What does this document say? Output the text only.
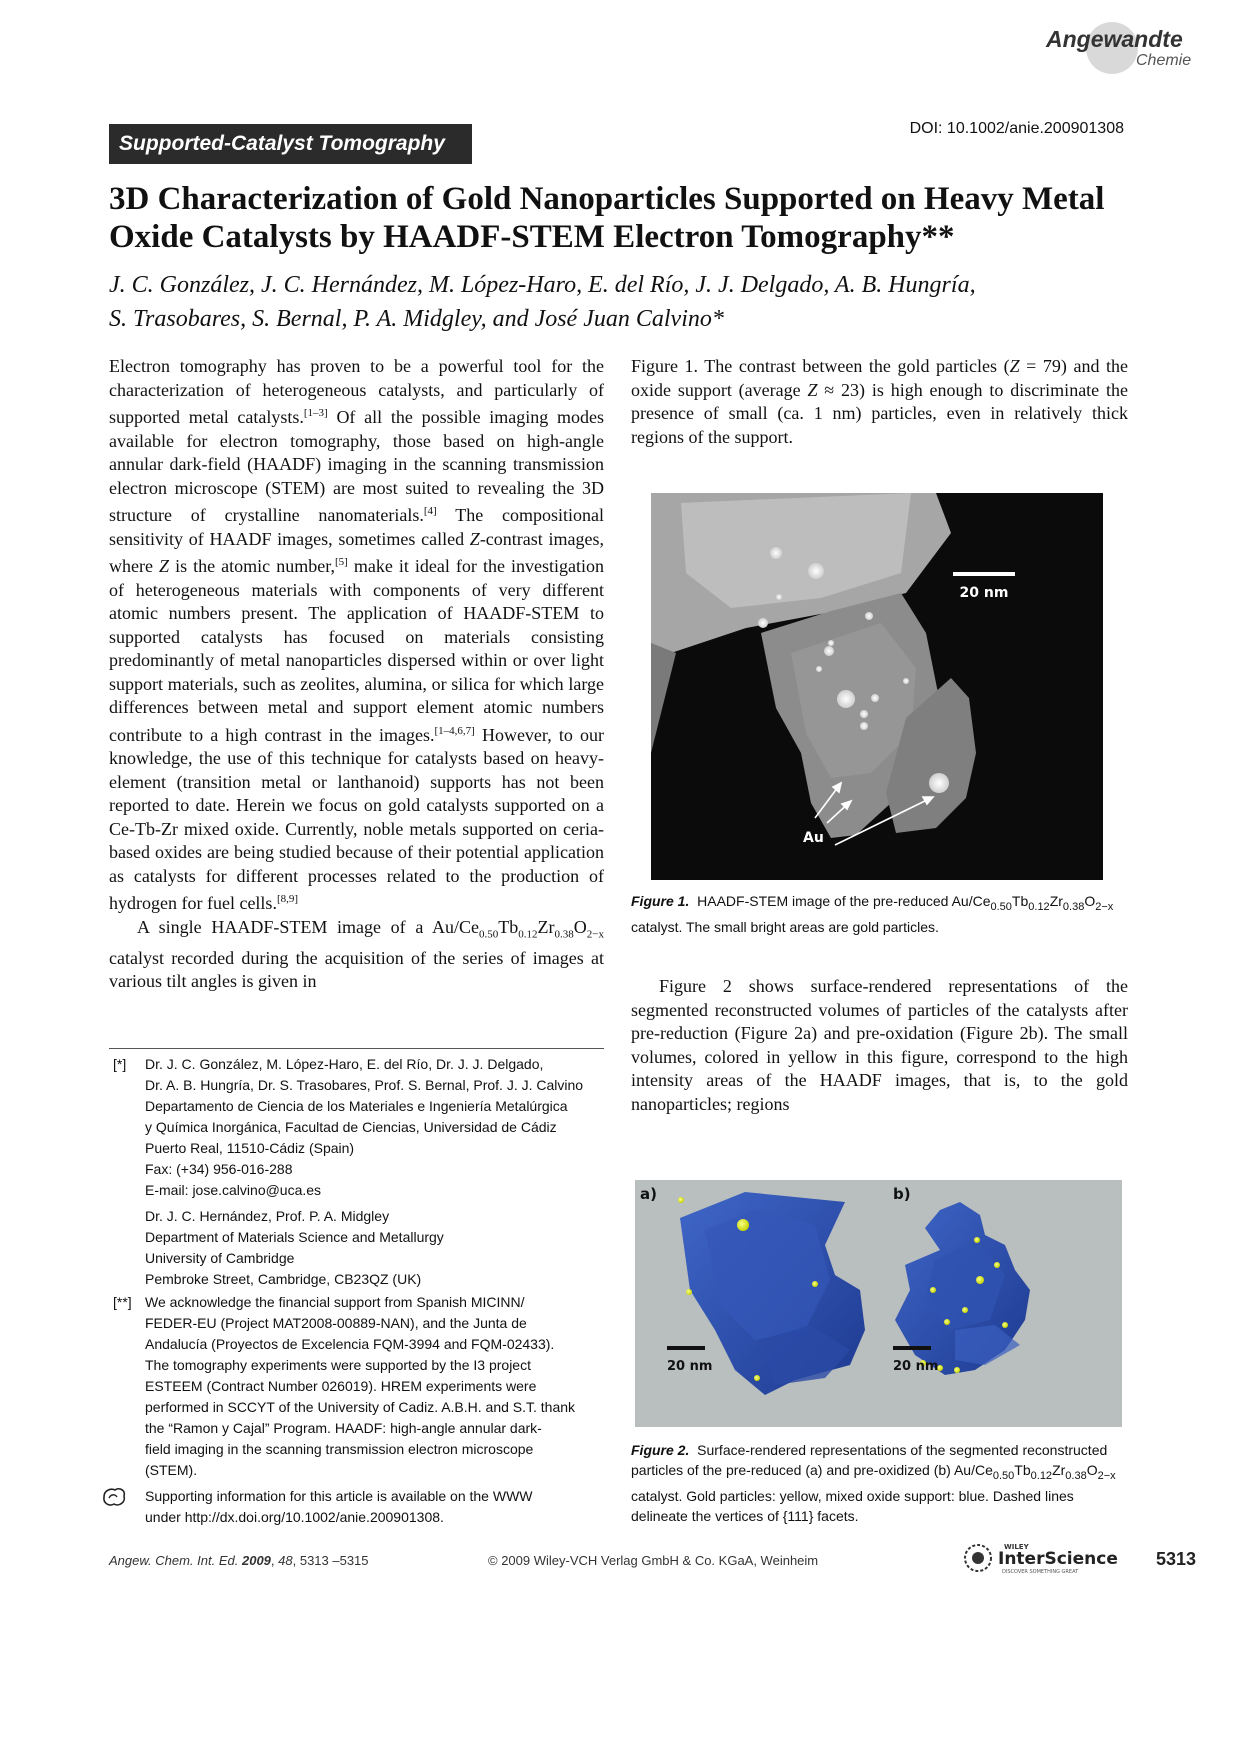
Angewandte
Chemie
Supported-Catalyst Tomography
DOI: 10.1002/anie.200901308
3D Characterization of Gold Nanoparticles Supported on Heavy Metal Oxide Catalysts by HAADF-STEM Electron Tomography**
J. C. González, J. C. Hernández, M. López-Haro, E. del Río, J. J. Delgado, A. B. Hungría,
S. Trasobares, S. Bernal, P. A. Midgley, and José Juan Calvino*

Electron tomography has proven to be a powerful tool for the characterization of heterogeneous catalysts, and particularly of supported metal catalysts.[1–3] Of all the possible imaging modes available for electron tomography, those based on high-angle annular dark-field (HAADF) imaging in the scanning transmission electron microscope (STEM) are most suited to revealing the 3D structure of crystalline nanomaterials.[4] The compositional sensitivity of HAADF images, sometimes called Z-contrast images, where Z is the atomic number,[5] make it ideal for the investigation of heterogeneous materials with components of very different atomic numbers present. The application of HAADF-STEM to supported catalysts has focused on materials consisting predominantly of metal nanoparticles dispersed within or over light support materials, such as zeolites, alumina, or silica for which large differences between metal and support element atomic numbers contribute to a high contrast in the images.[1–4,6,7] However, to our knowledge, the use of this technique for catalysts based on heavy-element (transition metal or lanthanoid) supports has not been reported to date. Herein we focus on gold catalysts supported on a Ce-Tb-Zr mixed oxide. Currently, noble metals supported on ceria-based oxides are being studied because of their potential application as catalysts for different processes related to the production of hydrogen for fuel cells.[8,9]

A single HAADF-STEM image of a $Au/Ce_{0.50}Tb_{0.12}Zr_{0.38}O_{2-x}$ catalyst recorded during the acquisition of the series of images at various tilt angles is given in

Figure 1. The contrast between the gold particles (Z = 79) and the oxide support (average Z ≈ 23) is high enough to discriminate the presence of small (ca. 1 nm) particles, even in relatively thick regions of the support.

20 nm
Au
Figure 1. HAADF-STEM image of the pre-reduced $Au/Ce_{0.50}Tb_{0.12}Zr_{0.38}O_{2-x}$ catalyst. The small bright areas are gold particles.

Figure 2 shows surface-rendered representations of the segmented reconstructed volumes of particles of the catalysts after pre-reduction (Figure 2a) and pre-oxidation (Figure 2b). The small volumes, colored in yellow in this figure, correspond to the high intensity areas of the HAADF images, that is, to the gold nanoparticles; regions

a)	b)
20 nm	20 nm
Figure 2. Surface-rendered representations of the segmented reconstructed particles of the pre-reduced (a) and pre-oxidized (b) $Au/Ce_{0.50}Tb_{0.12}Zr_{0.38}O_{2-x}$ catalyst. Gold particles: yellow, mixed oxide support: blue. Dashed lines delineate the vertices of {111} facets.
[*] Dr. J. C. González, M. López-Haro, E. del Río, Dr. J. J. Delgado,
Dr. A. B. Hungría, Dr. S. Trasobares, Prof. S. Bernal, Prof. J. J. Calvino
Departamento de Ciencia de los Materiales e Ingeniería Metalúrgica
y Química Inorgánica, Facultad de Ciencias, Universidad de Cádiz
Puerto Real, 11510-Cádiz (Spain)
Fax: (+34) 956-016-288
E-mail: jose.calvino@uca.es
Dr. J. C. Hernández, Prof. P. A. Midgley
Department of Materials Science and Metallurgy
University of Cambridge
Pembroke Street, Cambridge, CB23QZ (UK)
[**] We acknowledge the financial support from Spanish MICINN/
FEDER-EU (Project MAT2008-00889-NAN), and the Junta de
Andalucía (Proyectos de Excelencia FQM-3994 and FQM-02433).
The tomography experiments were supported by the I3 project
ESTEEM (Contract Number 026019). HREM experiments were
performed in SCCYT of the University of Cadiz. A.B.H. and S.T. thank
the “Ramon y Cajal” Program. HAADF: high-angle annular dark-
field imaging in the scanning transmission electron microscope
(STEM).
Supporting information for this article is available on the WWW
under http://dx.doi.org/10.1002/anie.200901308.
Angew. Chem. Int. Ed. 2009, 48, 5313 –5315	© 2009 Wiley-VCH Verlag GmbH & Co. KGaA, Weinheim
WILEY
InterScience
DISCOVER SOMETHING GREAT
5313
